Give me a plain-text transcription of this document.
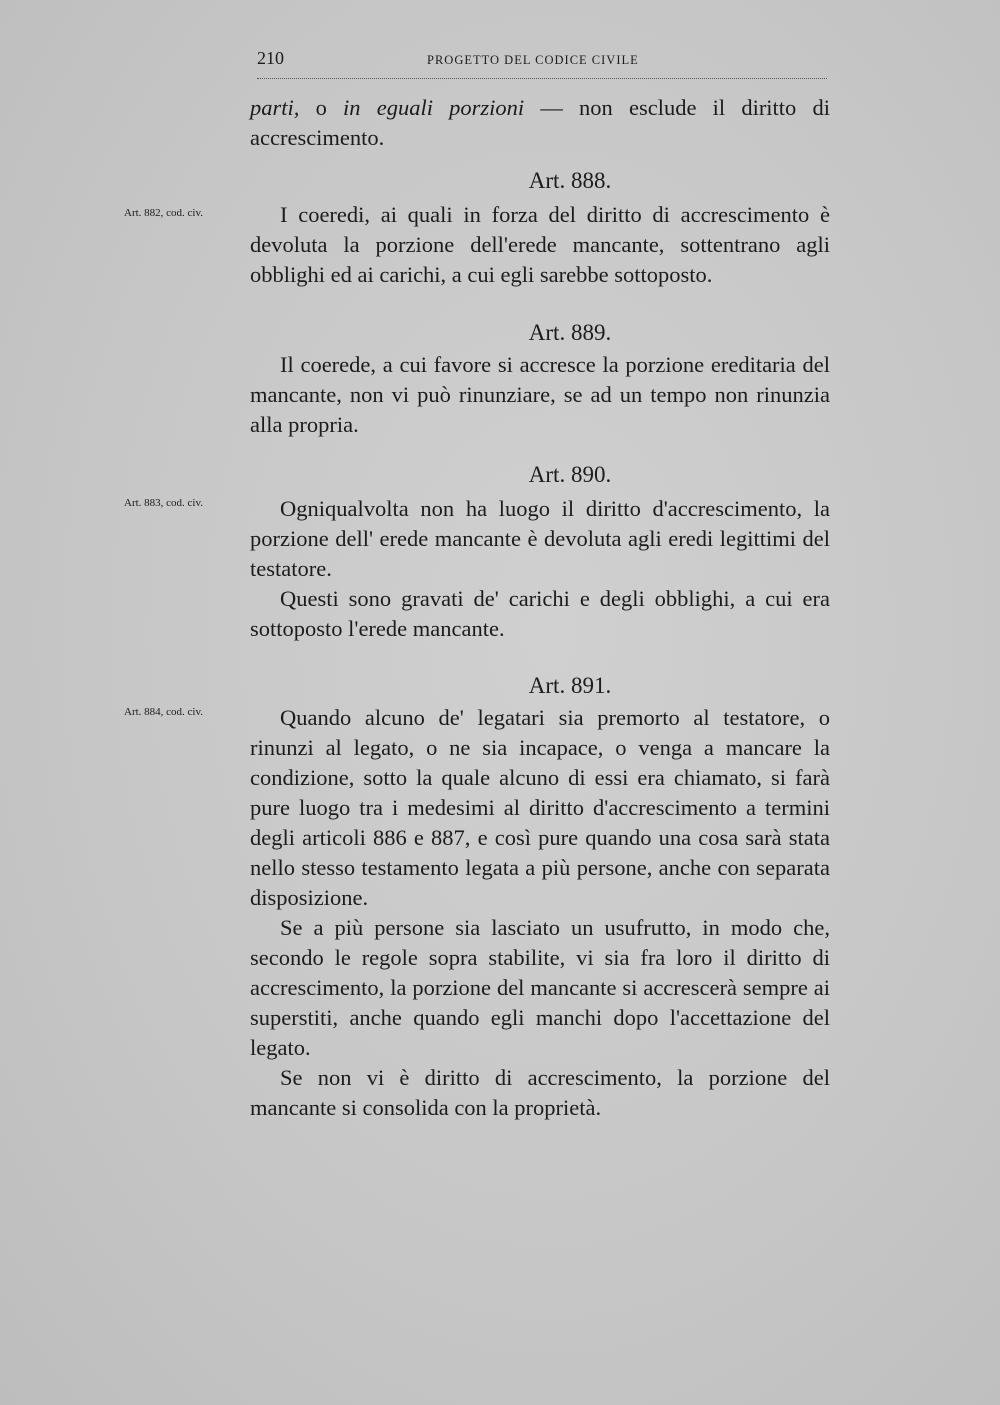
210	PROGETTO DEL CODICE CIVILE

parti, o in eguali porzioni — non esclude il diritto di accrescimento.

Art. 888.
Art. 882, cod. civ.	I coeredi, ai quali in forza del diritto di accrescimento è devoluta la porzione dell'erede mancante, sottentrano agli obblighi ed ai carichi, a cui egli sarebbe sottoposto.

Art. 889.

Il coerede, a cui favore si accresce la porzione ereditaria del mancante, non vi può rinunziare, se ad un tempo non rinunzia alla propria.

Art. 890.
Art. 883, cod. civ.	Ogniqualvolta non ha luogo il diritto d'accrescimento, la porzione dell' erede mancante è devoluta agli eredi legittimi del testatore.

Questi sono gravati de' carichi e degli obblighi, a cui era sottoposto l'erede mancante.

Art. 891.
Art. 884, cod. civ.	Quando alcuno de' legatari sia premorto al testatore, o rinunzi al legato, o ne sia incapace, o venga a mancare la condizione, sotto la quale alcuno di essi era chiamato, si farà pure luogo tra i medesimi al diritto d'accrescimento a termini degli articoli 886 e 887, e così pure quando una cosa sarà stata nello stesso testamento legata a più persone, anche con separata disposizione.

Se a più persone sia lasciato un usufrutto, in modo che, secondo le regole sopra stabilite, vi sia fra loro il diritto di accrescimento, la porzione del mancante si accrescerà sempre ai superstiti, anche quando egli manchi dopo l'accettazione del legato.

Se non vi è diritto di accrescimento, la porzione del mancante si consolida con la proprietà.
